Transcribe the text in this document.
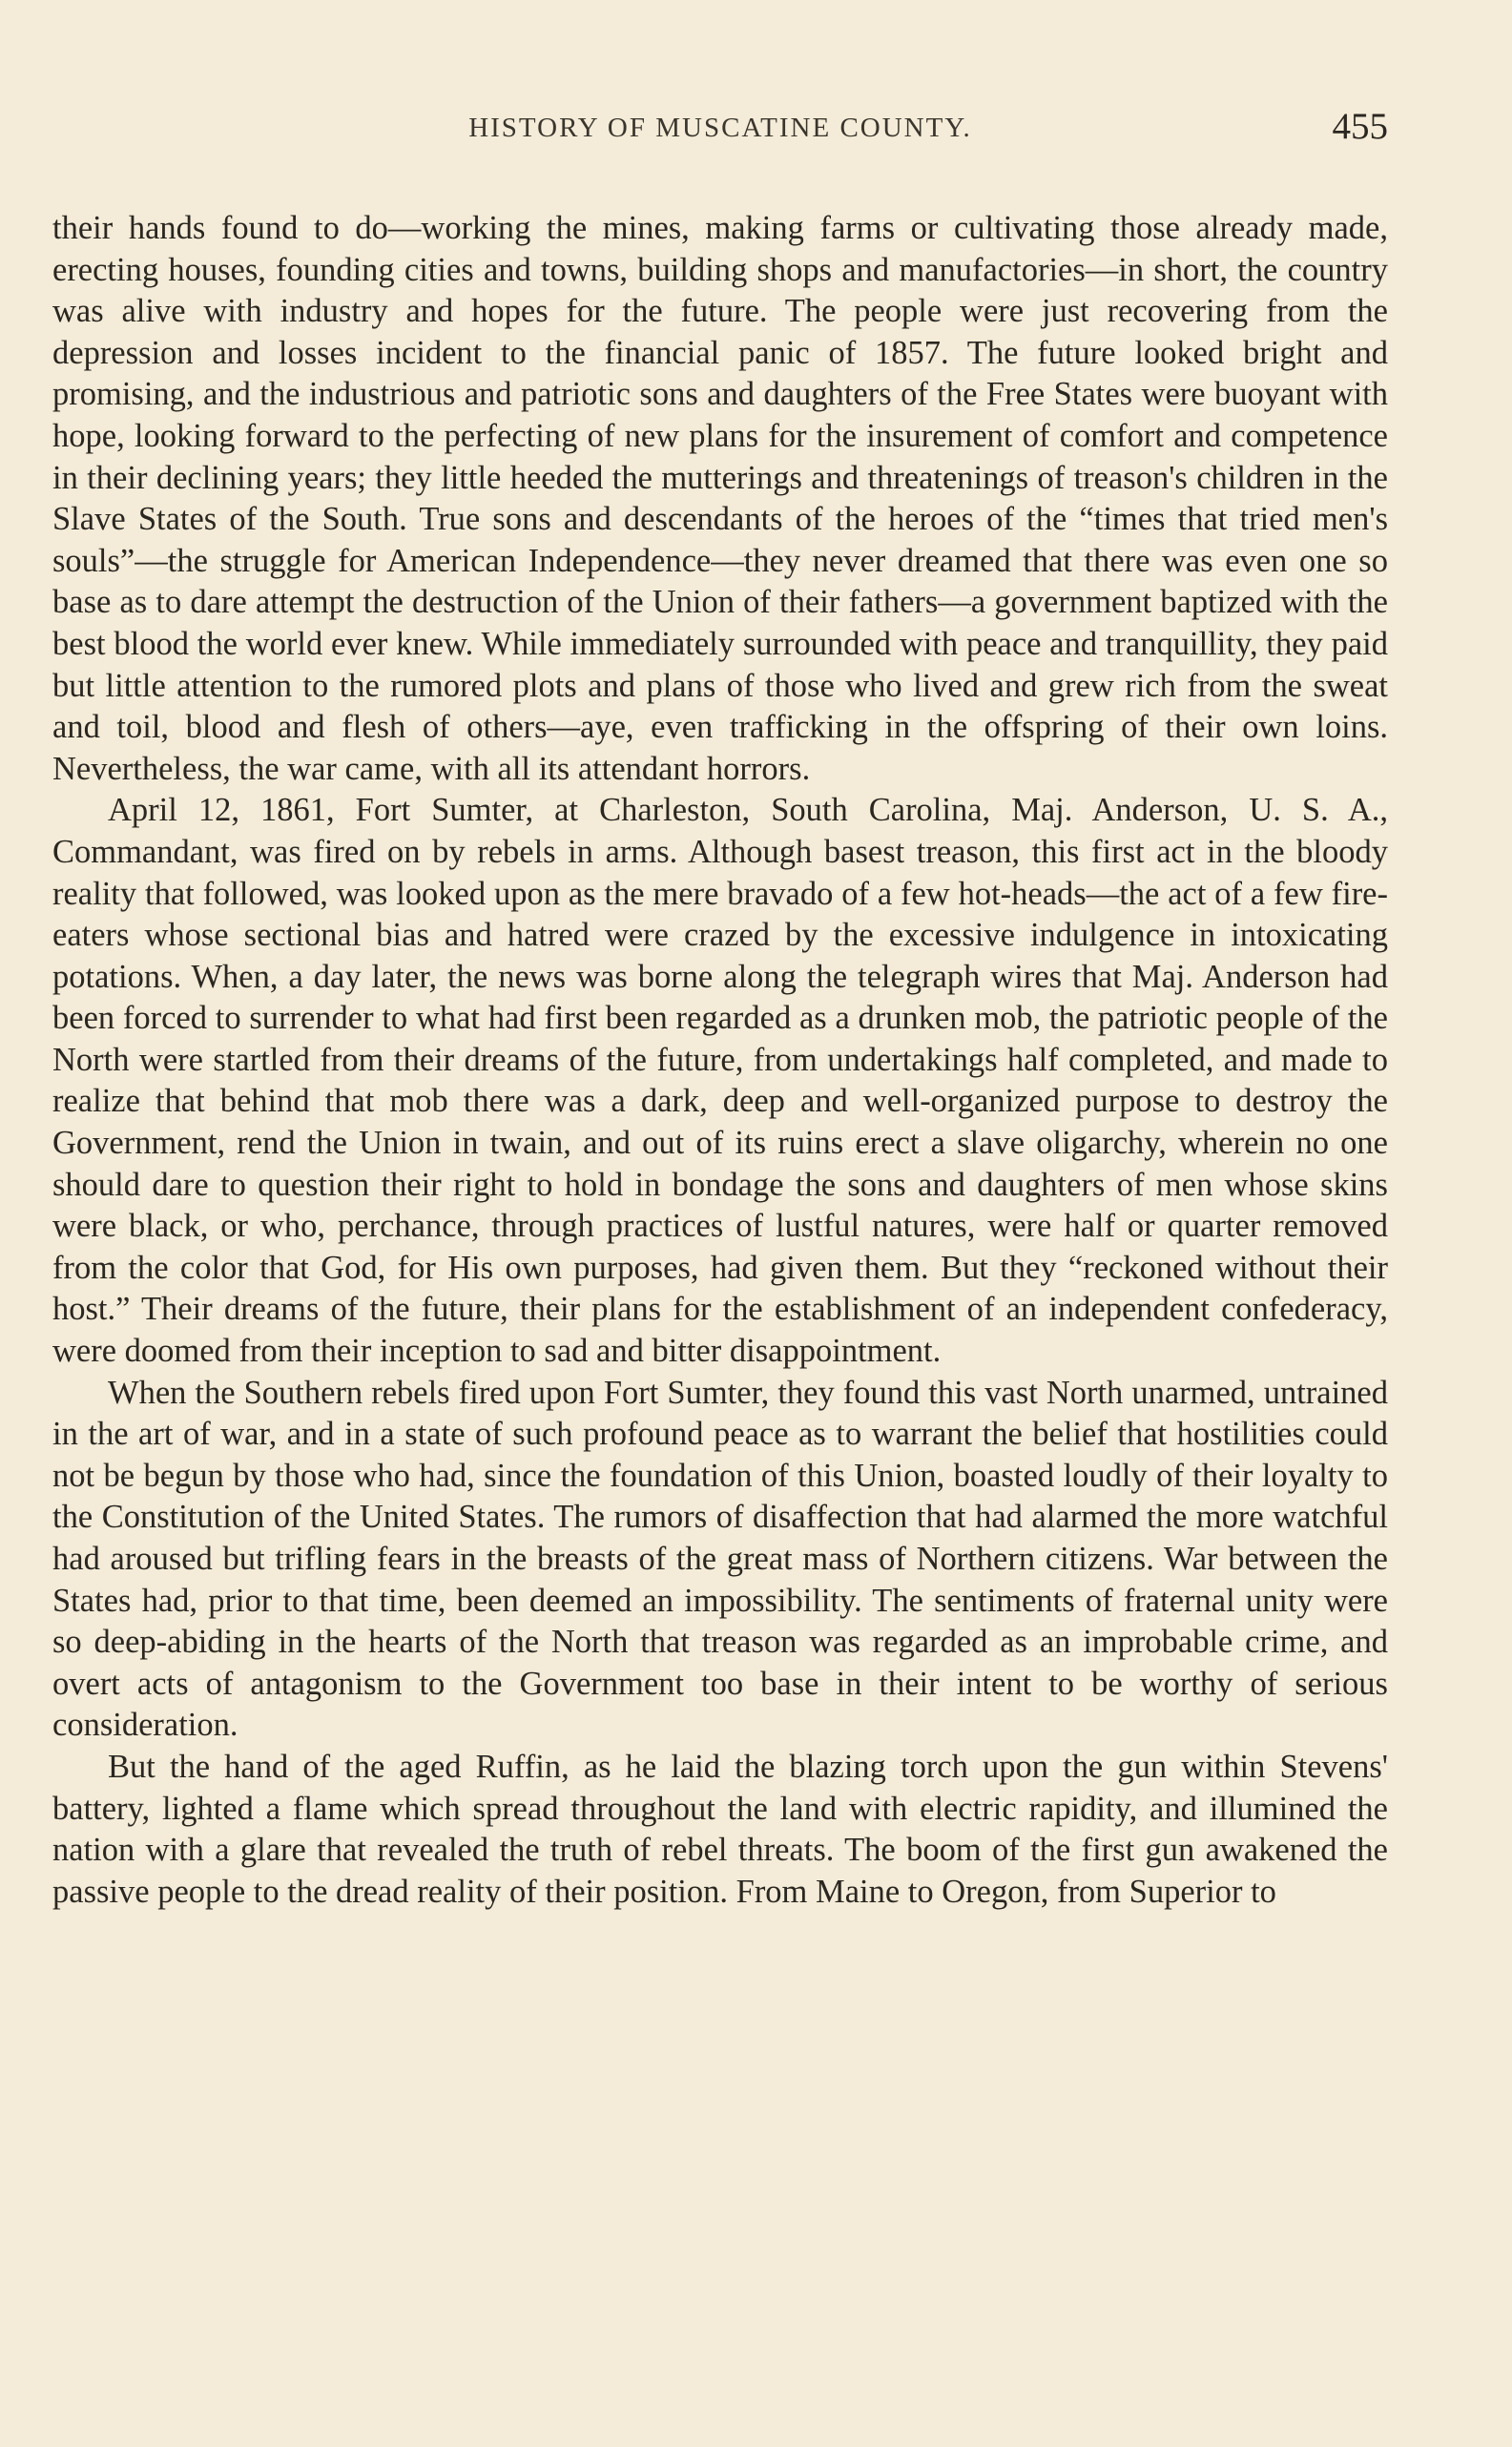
HISTORY OF MUSCATINE COUNTY.	455

their hands found to do—working the mines, making farms or cultivating those already made, erecting houses, founding cities and towns, building shops and manufactories—in short, the country was alive with industry and hopes for the future. The people were just recovering from the depression and losses incident to the financial panic of 1857. The future looked bright and promising, and the industrious and patriotic sons and daughters of the Free States were buoyant with hope, looking forward to the perfecting of new plans for the insurement of comfort and competence in their declining years; they little heeded the mutterings and threatenings of treason's children in the Slave States of the South. True sons and descendants of the heroes of the “times that tried men's souls”—the struggle for American Independence—they never dreamed that there was even one so base as to dare attempt the destruction of the Union of their fathers—a government baptized with the best blood the world ever knew. While immediately surrounded with peace and tranquillity, they paid but little attention to the rumored plots and plans of those who lived and grew rich from the sweat and toil, blood and flesh of others—aye, even trafficking in the offspring of their own loins. Nevertheless, the war came, with all its attendant horrors.

April 12, 1861, Fort Sumter, at Charleston, South Carolina, Maj. Anderson, U. S. A., Commandant, was fired on by rebels in arms. Although basest treason, this first act in the bloody reality that followed, was looked upon as the mere bravado of a few hot-heads—the act of a few fire-eaters whose sectional bias and hatred were crazed by the excessive indulgence in intoxicating potations. When, a day later, the news was borne along the telegraph wires that Maj. Anderson had been forced to surrender to what had first been regarded as a drunken mob, the patriotic people of the North were startled from their dreams of the future, from undertakings half completed, and made to realize that behind that mob there was a dark, deep and well-organized purpose to destroy the Government, rend the Union in twain, and out of its ruins erect a slave oligarchy, wherein no one should dare to question their right to hold in bondage the sons and daughters of men whose skins were black, or who, perchance, through practices of lustful natures, were half or quarter removed from the color that God, for His own purposes, had given them. But they “reckoned without their host.” Their dreams of the future, their plans for the establishment of an independent confederacy, were doomed from their inception to sad and bitter disappointment.

When the Southern rebels fired upon Fort Sumter, they found this vast North unarmed, untrained in the art of war, and in a state of such profound peace as to warrant the belief that hostilities could not be begun by those who had, since the foundation of this Union, boasted loudly of their loyalty to the Constitution of the United States. The rumors of disaffection that had alarmed the more watchful had aroused but trifling fears in the breasts of the great mass of Northern citizens. War between the States had, prior to that time, been deemed an impossibility. The sentiments of fraternal unity were so deep-abiding in the hearts of the North that treason was regarded as an improbable crime, and overt acts of antagonism to the Government too base in their intent to be worthy of serious consideration.

But the hand of the aged Ruffin, as he laid the blazing torch upon the gun within Stevens' battery, lighted a flame which spread throughout the land with electric rapidity, and illumined the nation with a glare that revealed the truth of rebel threats. The boom of the first gun awakened the passive people to the dread reality of their position. From Maine to Oregon, from Superior to
